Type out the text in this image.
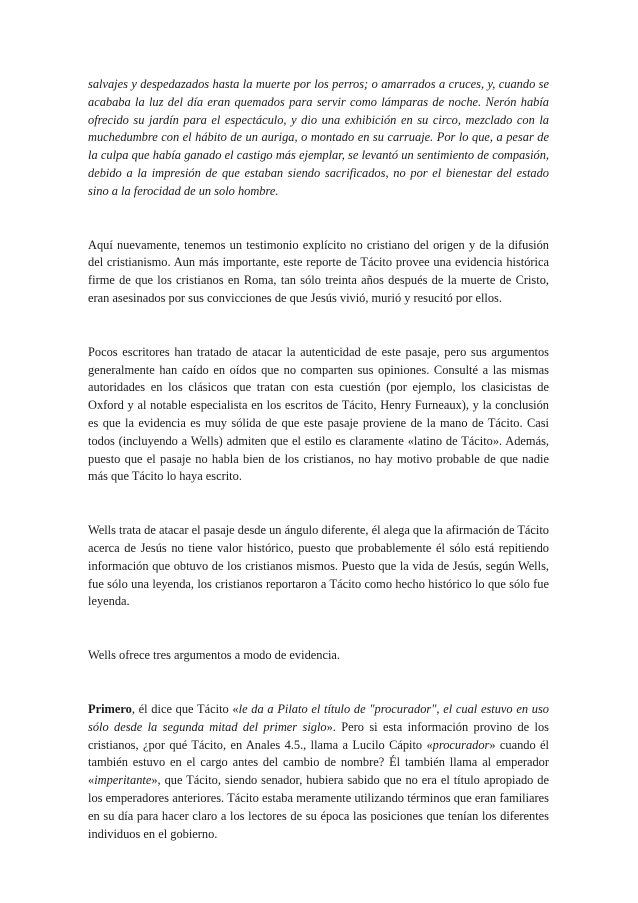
salvajes y despedazados hasta la muerte por los perros; o amarrados a cruces, y, cuando se acababa la luz del día eran quemados para servir como lámparas de noche. Nerón había ofrecido su jardín para el espectáculo, y dio una exhibición en su circo, mezclado con la muchedumbre con el hábito de un auriga, o montado en su carruaje. Por lo que, a pesar de la culpa que había ganado el castigo más ejemplar, se levantó un sentimiento de compasión, debido a la impresión de que estaban siendo sacrificados, no por el bienestar del estado sino a la ferocidad de un solo hombre.

Aquí nuevamente, tenemos un testimonio explícito no cristiano del origen y de la difusión del cristianismo. Aun más importante, este reporte de Tácito provee una evidencia histórica firme de que los cristianos en Roma, tan sólo treinta años después de la muerte de Cristo, eran asesinados por sus convicciones de que Jesús vivió, murió y resucitó por ellos.

Pocos escritores han tratado de atacar la autenticidad de este pasaje, pero sus argumentos generalmente han caído en oídos que no comparten sus opiniones. Consulté a las mismas autoridades en los clásicos que tratan con esta cuestión (por ejemplo, los clasicistas de Oxford y al notable especialista en los escritos de Tácito, Henry Furneaux), y la conclusión es que la evidencia es muy sólida de que este pasaje proviene de la mano de Tácito. Casi todos (incluyendo a Wells) admiten que el estilo es claramente «latino de Tácito». Además, puesto que el pasaje no habla bien de los cristianos, no hay motivo probable de que nadie más que Tácito lo haya escrito.

Wells trata de atacar el pasaje desde un ángulo diferente, él alega que la afirmación de Tácito acerca de Jesús no tiene valor histórico, puesto que probablemente él sólo está repitiendo información que obtuvo de los cristianos mismos. Puesto que la vida de Jesús, según Wells, fue sólo una leyenda, los cristianos reportaron a Tácito como hecho histórico lo que sólo fue leyenda.

Wells ofrece tres argumentos a modo de evidencia.

Primero, él dice que Tácito «le da a Pilato el título de "procurador", el cual estuvo en uso sólo desde la segunda mitad del primer siglo». Pero si esta información provino de los cristianos, ¿por qué Tácito, en Anales 4.5., llama a Lucilo Cápito «procurador» cuando él también estuvo en el cargo antes del cambio de nombre? Él también llama al emperador «imperitante», que Tácito, siendo senador, hubiera sabido que no era el título apropiado de los emperadores anteriores. Tácito estaba meramente utilizando términos que eran familiares en su día para hacer claro a los lectores de su época las posiciones que tenían los diferentes individuos en el gobierno.
